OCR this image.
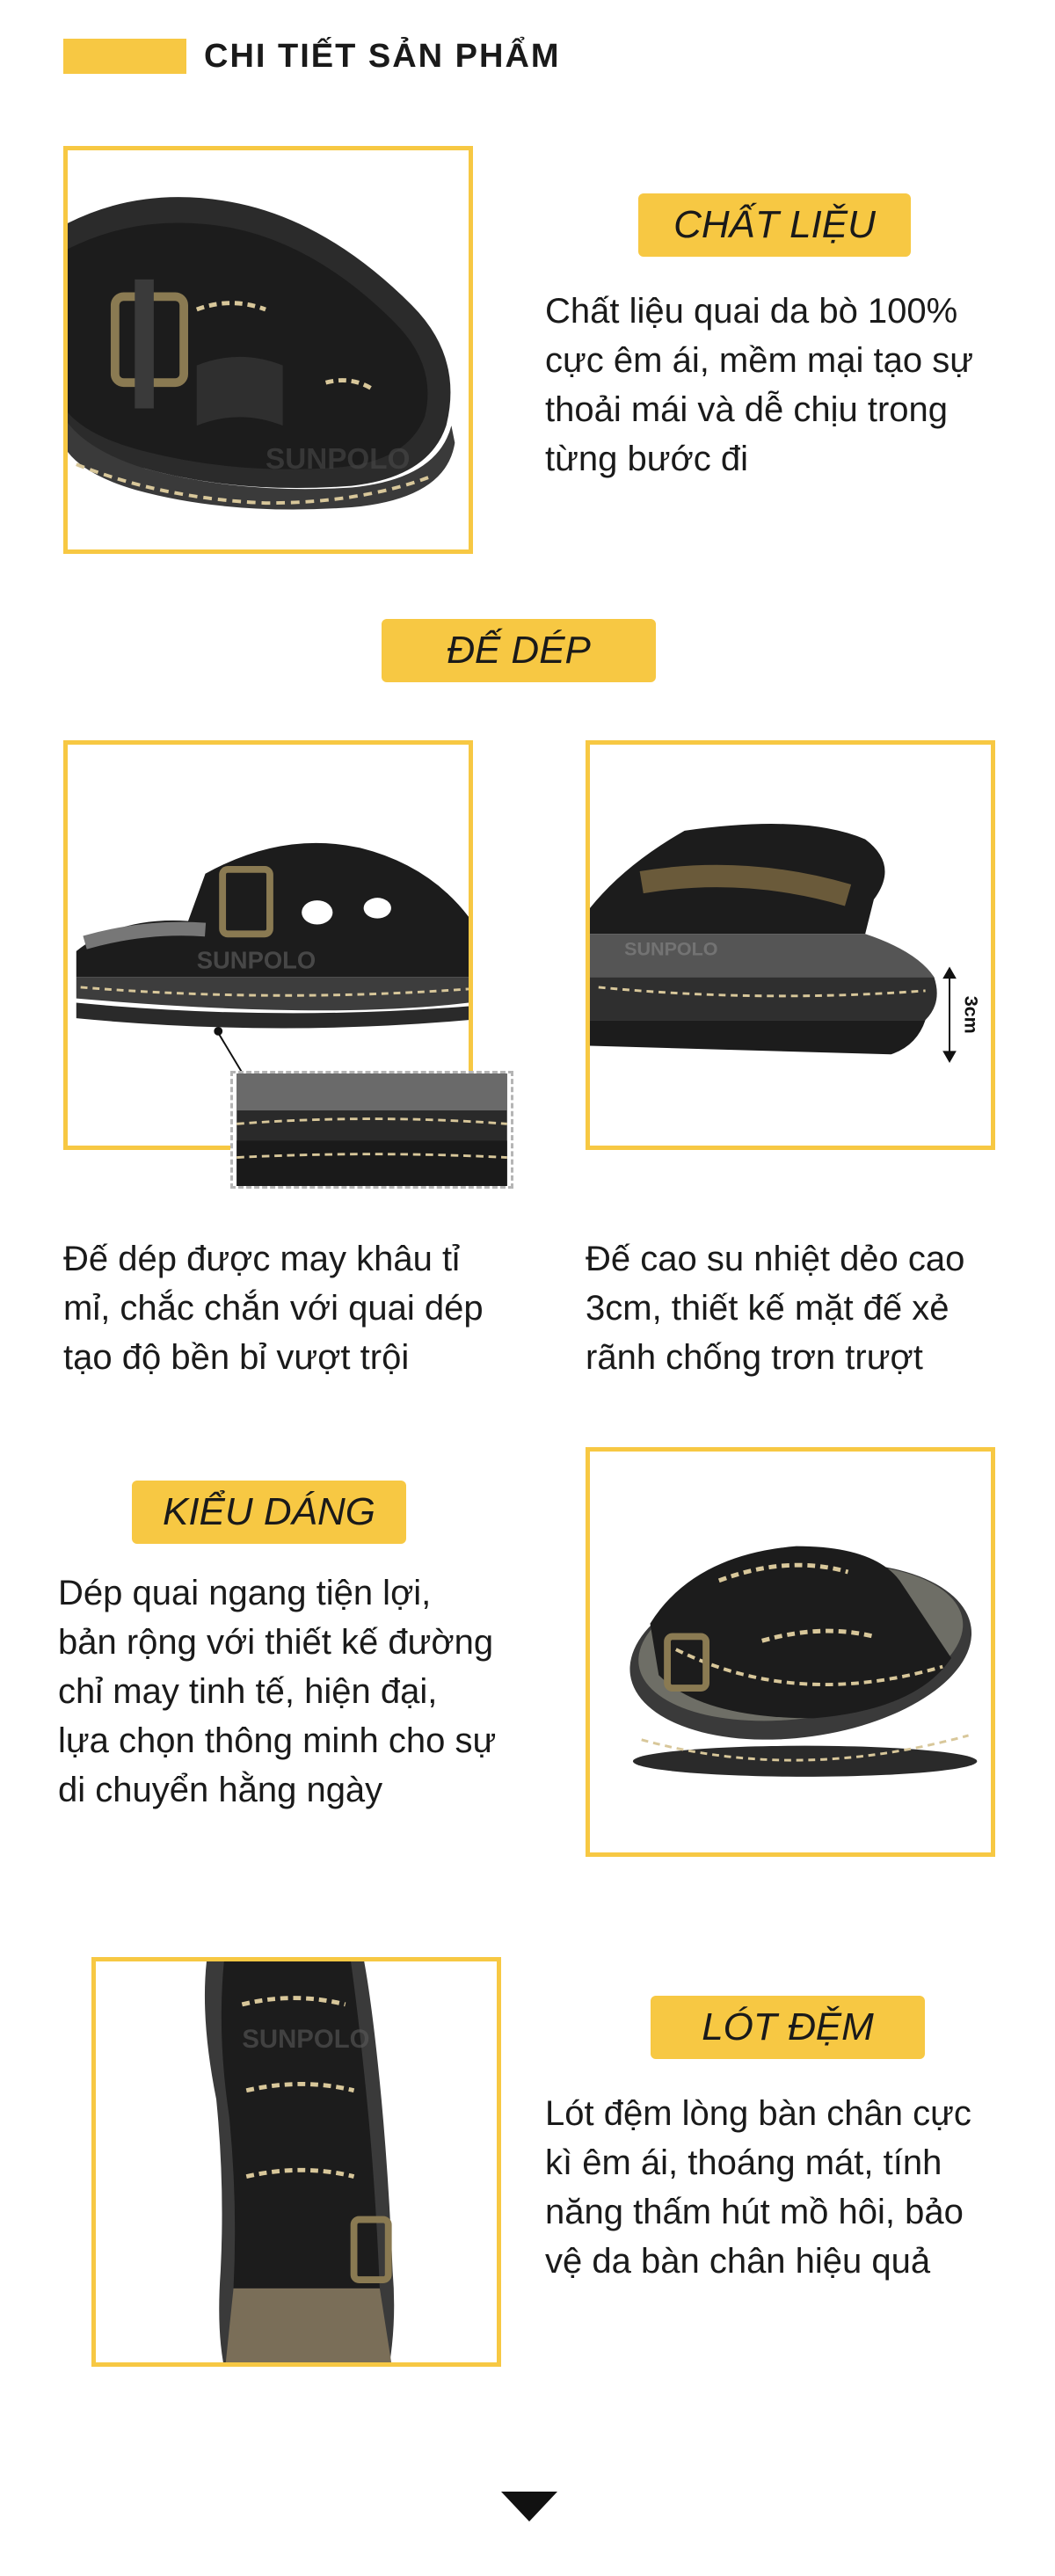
CHI TIẾT SẢN PHẨM
SUNPOLO
CHẤT LIỆU
Chất liệu quai da bò 100%
cực êm ái, mềm mại tạo sự
thoải mái và dễ chịu trong
từng bước đi
ĐẾ DÉP
SUNPOLO	SUNPOLO
3cm
Đế dép được may khâu tỉ
mỉ, chắc chắn với quai dép
tạo độ bền bỉ vượt trội
Đế cao su nhiệt dẻo cao
3cm, thiết kế mặt đế xẻ
rãnh chống trơn trượt
KIỂU DÁNG
Dép quai ngang tiện lợi,
bản rộng với thiết kế đường
chỉ may tinh tế, hiện đại,
lựa chọn thông minh cho sự
di chuyển hằng ngày
SUNPOLO	LÓT ĐỆM
Lót đệm lòng bàn chân cực
kì êm ái, thoáng mát, tính
năng thấm hút mồ hôi, bảo
vệ da bàn chân hiệu quả
